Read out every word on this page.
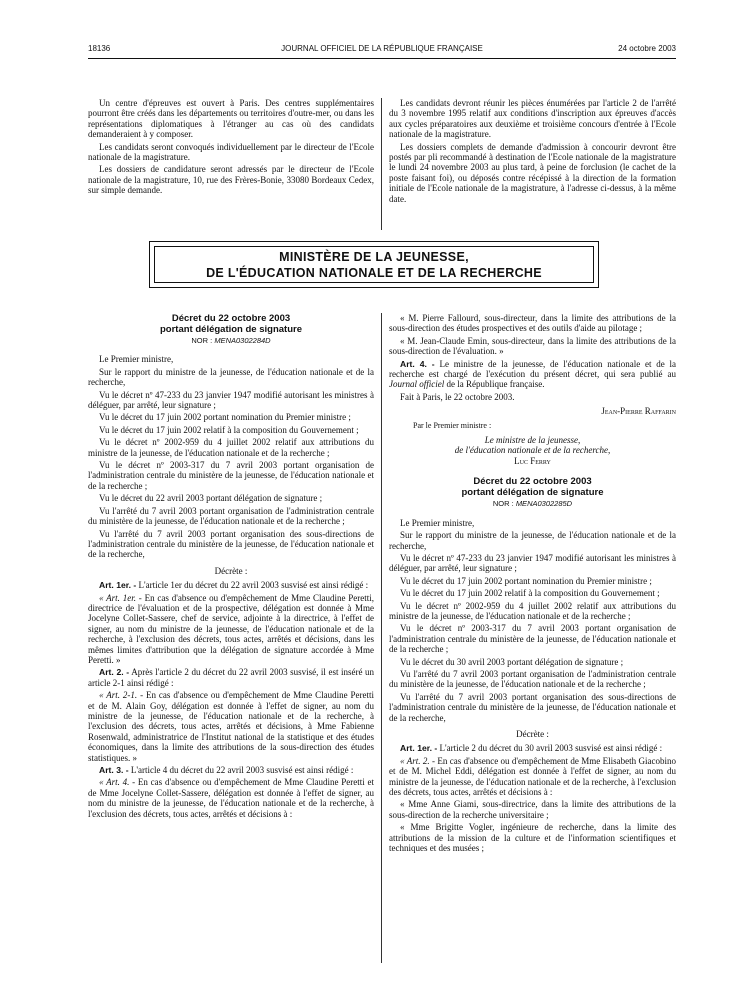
18136	JOURNAL OFFICIEL DE LA RÉPUBLIQUE FRANÇAISE	24 octobre 2003

Un centre d'épreuves est ouvert à Paris. Des centres supplémentaires pourront être créés dans les départements ou territoires d'outre-mer, ou dans les représentations diplomatiques à l'étranger au cas où des candidats demanderaient à y composer.

Les candidats seront convoqués individuellement par le directeur de l'Ecole nationale de la magistrature.

Les dossiers de candidature seront adressés par le directeur de l'Ecole nationale de la magistrature, 10, rue des Frères-Bonie, 33080 Bordeaux Cedex, sur simple demande.

Les candidats devront réunir les pièces énumérées par l'article 2 de l'arrêté du 3 novembre 1995 relatif aux conditions d'inscription aux épreuves d'accès aux cycles préparatoires aux deuxième et troisième concours d'entrée à l'Ecole nationale de la magistrature.

Les dossiers complets de demande d'admission à concourir devront être postés par pli recommandé à destination de l'Ecole nationale de la magistrature le lundi 24 novembre 2003 au plus tard, à peine de forclusion (le cachet de la poste faisant foi), ou déposés contre récépissé à la direction de la formation initiale de l'Ecole nationale de la magistrature, à l'adresse ci-dessus, à la même date.

MINISTÈRE DE LA JEUNESSE,
DE L'ÉDUCATION NATIONALE ET DE LA RECHERCHE

Décret du 22 octobre 2003

portant délégation de signature

NOR : MENA0302284D

Le Premier ministre,

Sur le rapport du ministre de la jeunesse, de l'éducation nationale et de la recherche,

Vu le décret nº 47-233 du 23 janvier 1947 modifié autorisant les ministres à déléguer, par arrêté, leur signature ;

Vu le décret du 17 juin 2002 portant nomination du Premier ministre ;

Vu le décret du 17 juin 2002 relatif à la composition du Gouvernement ;

Vu le décret nº 2002-959 du 4 juillet 2002 relatif aux attributions du ministre de la jeunesse, de l'éducation nationale et de la recherche ;

Vu le décret nº 2003-317 du 7 avril 2003 portant organisation de l'administration centrale du ministère de la jeunesse, de l'éducation nationale et de la recherche ;

Vu le décret du 22 avril 2003 portant délégation de signature ;

Vu l'arrêté du 7 avril 2003 portant organisation de l'administration centrale du ministère de la jeunesse, de l'éducation nationale et de la recherche ;

Vu l'arrêté du 7 avril 2003 portant organisation des sous-directions de l'administration centrale du ministère de la jeunesse, de l'éducation nationale et de la recherche,

Décrète :

Art. 1er. - L'article 1er du décret du 22 avril 2003 susvisé est ainsi rédigé :

« Art. 1er. - En cas d'absence ou d'empêchement de Mme Claudine Peretti, directrice de l'évaluation et de la prospective, délégation est donnée à Mme Jocelyne Collet-Sassere, chef de service, adjointe à la directrice, à l'effet de signer, au nom du ministre de la jeunesse, de l'éducation nationale et de la recherche, à l'exclusion des décrets, tous actes, arrêtés et décisions, dans les mêmes limites d'attribution que la délégation de signature accordée à Mme Peretti. »

Art. 2. - Après l'article 2 du décret du 22 avril 2003 susvisé, il est inséré un article 2-1 ainsi rédigé :

« Art. 2-1. - En cas d'absence ou d'empêchement de Mme Claudine Peretti et de M. Alain Goy, délégation est donnée à l'effet de signer, au nom du ministre de la jeunesse, de l'éducation nationale et de la recherche, à l'exclusion des décrets, tous actes, arrêtés et décisions, à Mme Fabienne Rosenwald, administratrice de l'Institut national de la statistique et des études économiques, dans la limite des attributions de la sous-direction des études statistiques. »

Art. 3. - L'article 4 du décret du 22 avril 2003 susvisé est ainsi rédigé :

« Art. 4. - En cas d'absence ou d'empêchement de Mme Claudine Peretti et de Mme Jocelyne Collet-Sassere, délégation est donnée à l'effet de signer, au nom du ministre de la jeunesse, de l'éducation nationale et de la recherche, à l'exclusion des décrets, tous actes, arrêtés et décisions à :

« M. Pierre Fallourd, sous-directeur, dans la limite des attributions de la sous-direction des études prospectives et des outils d'aide au pilotage ;

« M. Jean-Claude Emin, sous-directeur, dans la limite des attributions de la sous-direction de l'évaluation. »

Art. 4. - Le ministre de la jeunesse, de l'éducation nationale et de la recherche est chargé de l'exécution du présent décret, qui sera publié au Journal officiel de la République française.

Fait à Paris, le 22 octobre 2003.

Jean-Pierre Raffarin

Par le Premier ministre :

Le ministre de la jeunesse,

de l'éducation nationale et de la recherche,

Luc Ferry

Décret du 22 octobre 2003

portant délégation de signature

NOR : MENA0302285D

Le Premier ministre,

Sur le rapport du ministre de la jeunesse, de l'éducation nationale et de la recherche,

Vu le décret nº 47-233 du 23 janvier 1947 modifié autorisant les ministres à déléguer, par arrêté, leur signature ;

Vu le décret du 17 juin 2002 portant nomination du Premier ministre ;

Vu le décret du 17 juin 2002 relatif à la composition du Gouvernement ;

Vu le décret nº 2002-959 du 4 juillet 2002 relatif aux attributions du ministre de la jeunesse, de l'éducation nationale et de la recherche ;

Vu le décret nº 2003-317 du 7 avril 2003 portant organisation de l'administration centrale du ministère de la jeunesse, de l'éducation nationale et de la recherche ;

Vu le décret du 30 avril 2003 portant délégation de signature ;

Vu l'arrêté du 7 avril 2003 portant organisation de l'administration centrale du ministère de la jeunesse, de l'éducation nationale et de la recherche ;

Vu l'arrêté du 7 avril 2003 portant organisation des sous-directions de l'administration centrale du ministère de la jeunesse, de l'éducation nationale et de la recherche,

Décrète :

Art. 1er. - L'article 2 du décret du 30 avril 2003 susvisé est ainsi rédigé :

« Art. 2. - En cas d'absence ou d'empêchement de Mme Elisabeth Giacobino et de M. Michel Eddi, délégation est donnée à l'effet de signer, au nom du ministre de la jeunesse, de l'éducation nationale et de la recherche, à l'exclusion des décrets, tous actes, arrêtés et décisions à :

« Mme Anne Giami, sous-directrice, dans la limite des attributions de la sous-direction de la recherche universitaire ;

« Mme Brigitte Vogler, ingénieure de recherche, dans la limite des attributions de la mission de la culture et de l'information scientifiques et techniques et des musées ;
